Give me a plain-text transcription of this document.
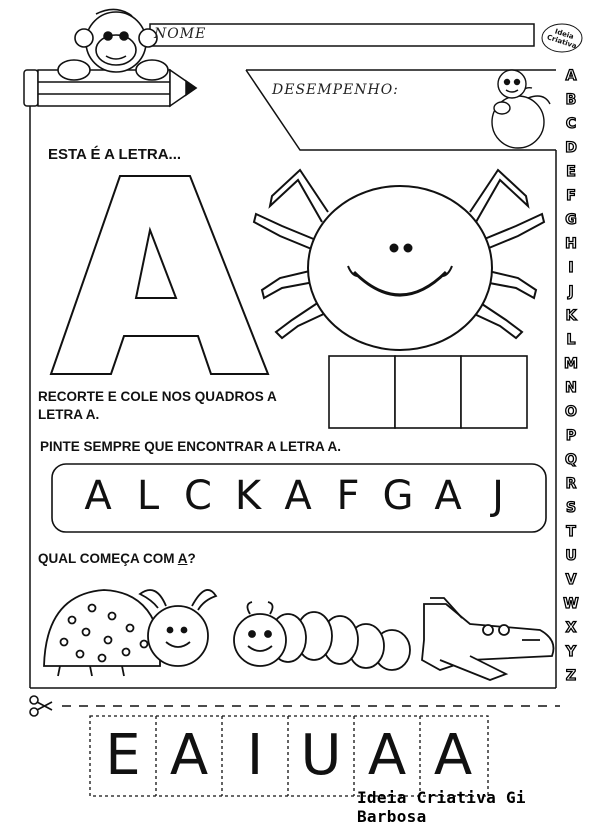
NOME
DESEMPENHO:
Ideia Criativa
ESTA É A LETRA...
RECORTE E COLE NOS QUADROS A
LETRA A.
PINTE SEMPRE QUE ENCONTRAR A LETRA A.
A L C K A F G A J
QUAL COMEÇA COM A?
E A I U A A
A
B
C
D
E
F
G
H
I
J
K
L
M
N
O
P
Q
R
S
T
U
V
W
X
Y
Z
Ideia Criativa Gi Barbosa
